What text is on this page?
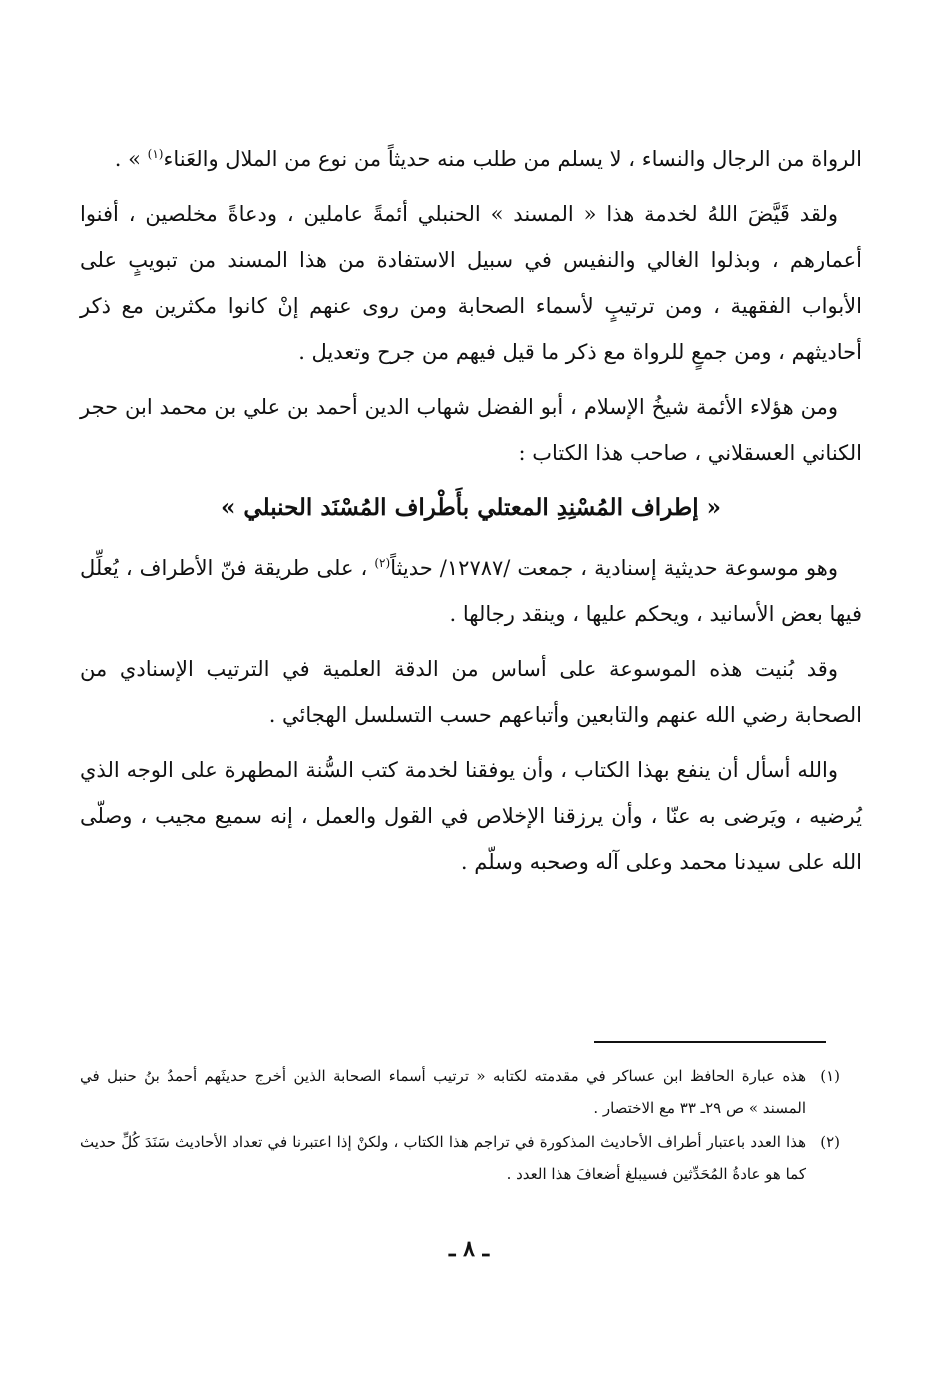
الرواة من الرجال والنساء ، لا يسلم من طلب منه حديثاً من نوع من الملال والعَناء$^{(١)}$ » .

ولقد قَيَّضَ اللهُ لخدمة هذا « المسند » الحنبلي أئمةً عاملين ، ودعاةً مخلصين ، أفنوا أعمارهم ، وبذلوا الغالي والنفيس في سبيل الاستفادة من هذا المسند من تبويبٍ على الأبواب الفقهية ، ومن ترتيبٍ لأسماء الصحابة ومن روى عنهم إنْ كانوا مكثرين مع ذكر أحاديثهم ، ومن جمعٍ للرواة مع ذكر ما قيل فيهم من جرح وتعديل .

ومن هؤلاء الأئمة شيخُ الإسلام ، أبو الفضل شهاب الدين أحمد بن علي بن محمد ابن حجر الكناني العسقلاني ، صاحب هذا الكتاب :

« إطراف المُسْنِدِ المعتلي بأَطْراف المُسْنَد الحنبلي »

وهو موسوعة حديثية إسنادية ، جمعت /١٢٧٨٧/ حديثاً$^{(٢)}$ ، على طريقة فنّ الأطراف ، يُعلِّل فيها بعض الأسانيد ، ويحكم عليها ، وينقد رجالها .

وقد بُنيت هذه الموسوعة على أساس من الدقة العلمية في الترتيب الإسنادي من الصحابة رضي الله عنهم والتابعين وأتباعهم حسب التسلسل الهجائي .

والله أسأل أن ينفع بهذا الكتاب ، وأن يوفقنا لخدمة كتب السُّنة المطهرة على الوجه الذي يُرضيه ، ويَرضى به عنّا ، وأن يرزقنا الإخلاص في القول والعمل ، إنه سميع مجيب ، وصلّى الله على سيدنا محمد وعلى آله وصحبه وسلّم .

(١)
هذه عبارة الحافظ ابن عساكر في مقدمته لكتابه « ترتيب أسماء الصحابة الذين أخرج حديثَهم أحمدُ بنُ حنبل في المسند » ص ٢٩ـ ٣٣ مع الاختصار .
(٢)
هذا العدد باعتبار أطراف الأحاديث المذكورة في تراجم هذا الكتاب ، ولكنْ إذا اعتبرنا في تعداد الأحاديث سَنَدَ كُلِّ حديث كما هو عادةُ المُحَدِّثين فسيبلغ أضعافَ هذا العدد .
ـ ٨ ـ
